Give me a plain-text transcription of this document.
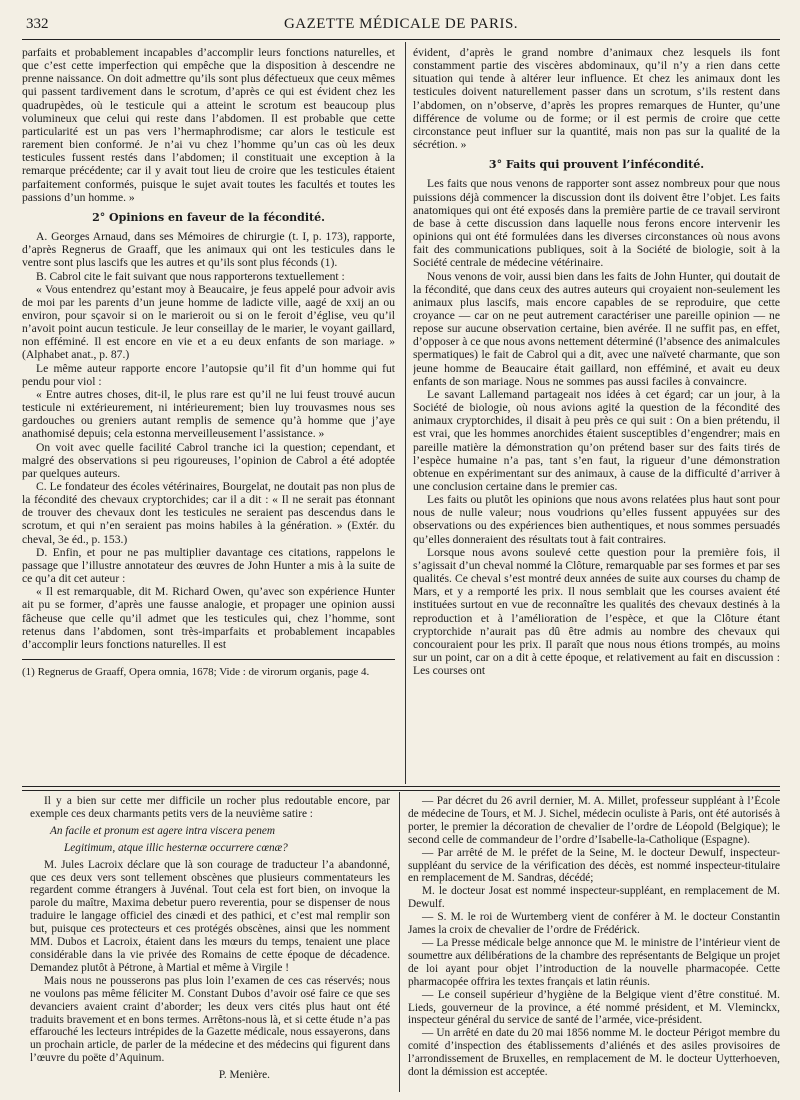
332	GAZETTE MÉDICALE DE PARIS.

parfaits et probablement incapables d’accomplir leurs fonctions naturelles, et que c’est cette imperfection qui empêche que la disposition à descendre ne prenne naissance. On doit admettre qu’ils sont plus défectueux que ceux mêmes qui passent tardivement dans le scrotum, d’après ce qui est évident chez les quadrupèdes, où le testicule qui a atteint le scrotum est beaucoup plus volumineux que celui qui reste dans l’abdomen. Il est probable que cette particularité est un pas vers l’hermaphrodisme; car alors le testicule est rarement bien conformé. Je n’ai vu chez l’homme qu’un cas où les deux testicules fussent restés dans l’abdomen; il constituait une exception à la remarque précédente; car il y avait tout lieu de croire que les testicules étaient parfaitement conformés, puisque le sujet avait toutes les facultés et toutes les passions d’un homme. »

2° Opinions en faveur de la fécondité.

A. Georges Arnaud, dans ses Mémoires de chirurgie (t. I, p. 173), rapporte, d’après Regnerus de Graaff, que les animaux qui ont les testicules dans le ventre sont plus lascifs que les autres et qu’ils sont plus féconds (1).

B. Cabrol cite le fait suivant que nous rapporterons textuellement :

« Vous entendrez qu’estant moy à Beaucaire, je feus appelé pour advoir avis de moi par les parents d’un jeune homme de ladicte ville, aagé de xxij an ou environ, pour sçavoir si on le marieroit ou si on le feroit d’église, veu qu’il n’avoit point aucun testicule. Je leur conseillay de le marier, le voyant gaillard, non efféminé. Il est encore en vie et a eu deux enfants de son mariage. » (Alphabet anat., p. 87.)

Le même auteur rapporte encore l’autopsie qu’il fit d’un homme qui fut pendu pour viol :

« Entre autres choses, dit-il, le plus rare est qu’il ne lui feust trouvé aucun testicule ni extérieurement, ni intérieurement; bien luy trouvasmes nous ses gardouches ou greniers autant remplis de semence qu’à homme que j’aye anathomisé depuis; cela estonna merveilleusement l’assistance. »

On voit avec quelle facilité Cabrol tranche ici la question; cependant, et malgré des observations si peu rigoureuses, l’opinion de Cabrol a été adoptée par quelques auteurs.

C. Le fondateur des écoles vétérinaires, Bourgelat, ne doutait pas non plus de la fécondité des chevaux cryptorchides; car il a dit : « Il ne serait pas étonnant de trouver des chevaux dont les testicules ne seraient pas descendus dans le scrotum, et qui n’en seraient pas moins habiles à la génération. » (Extér. du cheval, 3e éd., p. 153.)

D. Enfin, et pour ne pas multiplier davantage ces citations, rappelons le passage que l’illustre annotateur des œuvres de John Hunter a mis à la suite de ce qu’a dit cet auteur :

« Il est remarquable, dit M. Richard Owen, qu’avec son expérience Hunter ait pu se former, d’après une fausse analogie, et propager une opinion aussi fâcheuse que celle qu’il admet que les testicules qui, chez l’homme, sont retenus dans l’abdomen, sont très-imparfaits et probablement incapables d’accomplir leurs fonctions naturelles. Il est

(1) Regnerus de Graaff, Opera omnia, 1678; Vide : de virorum organis, page 4.

évident, d’après le grand nombre d’animaux chez lesquels ils font constamment partie des viscères abdominaux, qu’il n’y a rien dans cette situation qui tende à altérer leur influence. Et chez les animaux dont les testicules doivent naturellement passer dans un scrotum, s’ils restent dans l’abdomen, on n’observe, d’après les propres remarques de Hunter, qu’une différence de volume ou de forme; or il est permis de croire que cette circonstance peut influer sur la quantité, mais non pas sur la qualité de la sécrétion. »

3° Faits qui prouvent l’infécondité.

Les faits que nous venons de rapporter sont assez nombreux pour que nous puissions déjà commencer la discussion dont ils doivent être l’objet. Les faits anatomiques qui ont été exposés dans la première partie de ce travail serviront de base à cette discussion dans laquelle nous ferons encore intervenir les opinions qui ont été formulées dans les diverses circonstances où nous avons fait des communications publiques, soit à la Société de biologie, soit à la Société centrale de médecine vétérinaire.

Nous venons de voir, aussi bien dans les faits de John Hunter, qui doutait de la fécondité, que dans ceux des autres auteurs qui croyaient non-seulement les animaux plus lascifs, mais encore capables de se reproduire, que cette croyance — car on ne peut autrement caractériser une pareille opinion — ne repose sur aucune observation certaine, bien avérée. Il ne suffit pas, en effet, d’opposer à ce que nous avons nettement déterminé (l’absence des animalcules spermatiques) le fait de Cabrol qui a dit, avec une naïveté charmante, que son jeune homme de Beaucaire était gaillard, non efféminé, et avait eu deux enfants de son mariage. Nous ne sommes pas aussi faciles à convaincre.

Le savant Lallemand partageait nos idées à cet égard; car un jour, à la Société de biologie, où nous avions agité la question de la fécondité des animaux cryptorchides, il disait à peu près ce qui suit : On a bien prétendu, il est vrai, que les hommes anorchides étaient susceptibles d’engendrer; mais en pareille matière la démonstration qu’on prétend baser sur des faits tirés de l’espèce humaine n’a pas, tant s’en faut, la rigueur d’une démonstration obtenue en expérimentant sur des animaux, à cause de la difficulté d’arriver à une conclusion certaine dans le premier cas.

Les faits ou plutôt les opinions que nous avons relatées plus haut sont pour nous de nulle valeur; nous voudrions qu’elles fussent appuyées sur des observations ou des expériences bien authentiques, et nous sommes persuadés qu’elles donneraient des résultats tout à fait contraires.

Lorsque nous avons soulevé cette question pour la première fois, il s’agissait d’un cheval nommé la Clôture, remarquable par ses formes et par ses qualités. Ce cheval s’est montré deux années de suite aux courses du champ de Mars, et y a remporté les prix. Il nous semblait que les courses avaient été instituées surtout en vue de reconnaître les qualités des chevaux destinés à la reproduction et à l’amélioration de l’espèce, et que la Clôture étant cryptorchide n’aurait pas dû être admis au nombre des chevaux qui concouraient pour les prix. Il paraît que nous nous étions trompés, au moins sur un point, car on a dit à cette époque, et relativement au fait en discussion : Les courses ont

Il y a bien sur cette mer difficile un rocher plus redoutable encore, par exemple ces deux charmants petits vers de la neuvième satire :

An facile et pronum est agere intra viscera penem

Legitimum, atque illic hesternæ occurrere cœnæ?

M. Jules Lacroix déclare que là son courage de traducteur l’a abandonné, que ces deux vers sont tellement obscènes que plusieurs commentateurs les regardent comme étrangers à Juvénal. Tout cela est fort bien, on invoque la parole du maître, Maxima debetur puero reverentia, pour se dispenser de nous traduire le langage officiel des cinædi et des pathici, et c’est mal remplir son but, puisque ces protecteurs et ces protégés obscènes, ainsi que les nomment MM. Dubos et Lacroix, étaient dans les mœurs du temps, tenaient une place considérable dans la vie privée des Romains de cette époque de décadence. Demandez plutôt à Pétrone, à Martial et même à Virgile !

Mais nous ne pousserons pas plus loin l’examen de ces cas réservés; nous ne voulons pas même féliciter M. Constant Dubos d’avoir osé faire ce que ses devanciers avaient craint d’aborder; les deux vers cités plus haut ont été traduits bravement et en bons termes. Arrêtons-nous là, et si cette étude n’a pas effarouché les lecteurs intrépides de la Gazette médicale, nous essayerons, dans un prochain article, de parler de la médecine et des médecins qui figurent dans l’œuvre du poëte d’Aquinum.

P. Menière.

— Par décret du 26 avril dernier, M. A. Millet, professeur suppléant à l’École de médecine de Tours, et M. J. Sichel, médecin oculiste à Paris, ont été autorisés à porter, le premier la décoration de chevalier de l’ordre de Léopold (Belgique); le second celle de commandeur de l’ordre d’Isabelle-la-Catholique (Espagne).

— Par arrêté de M. le préfet de la Seine, M. le docteur Dewulf, inspecteur-suppléant du service de la vérification des décès, est nommé inspecteur-titulaire en remplacement de M. Sandras, décédé;

M. le docteur Josat est nommé inspecteur-suppléant, en remplacement de M. Dewulf.

— S. M. le roi de Wurtemberg vient de conférer à M. le docteur Constantin James la croix de chevalier de l’ordre de Frédérick.

— La Presse médicale belge annonce que M. le ministre de l’intérieur vient de soumettre aux délibérations de la chambre des représentants de Belgique un projet de loi ayant pour objet l’introduction de la nouvelle pharmacopée. Cette pharmacopée offrira les textes français et latin réunis.

— Le conseil supérieur d’hygiène de la Belgique vient d’être constitué. M. Lieds, gouverneur de la province, a été nommé président, et M. Vleminckx, inspecteur général du service de santé de l’armée, vice-président.

— Un arrêté en date du 20 mai 1856 nomme M. le docteur Périgot membre du comité d’inspection des établissements d’aliénés et des asiles provisoires de l’arrondissement de Bruxelles, en remplacement de M. le docteur Uytterhoeven, dont la démission est acceptée.
